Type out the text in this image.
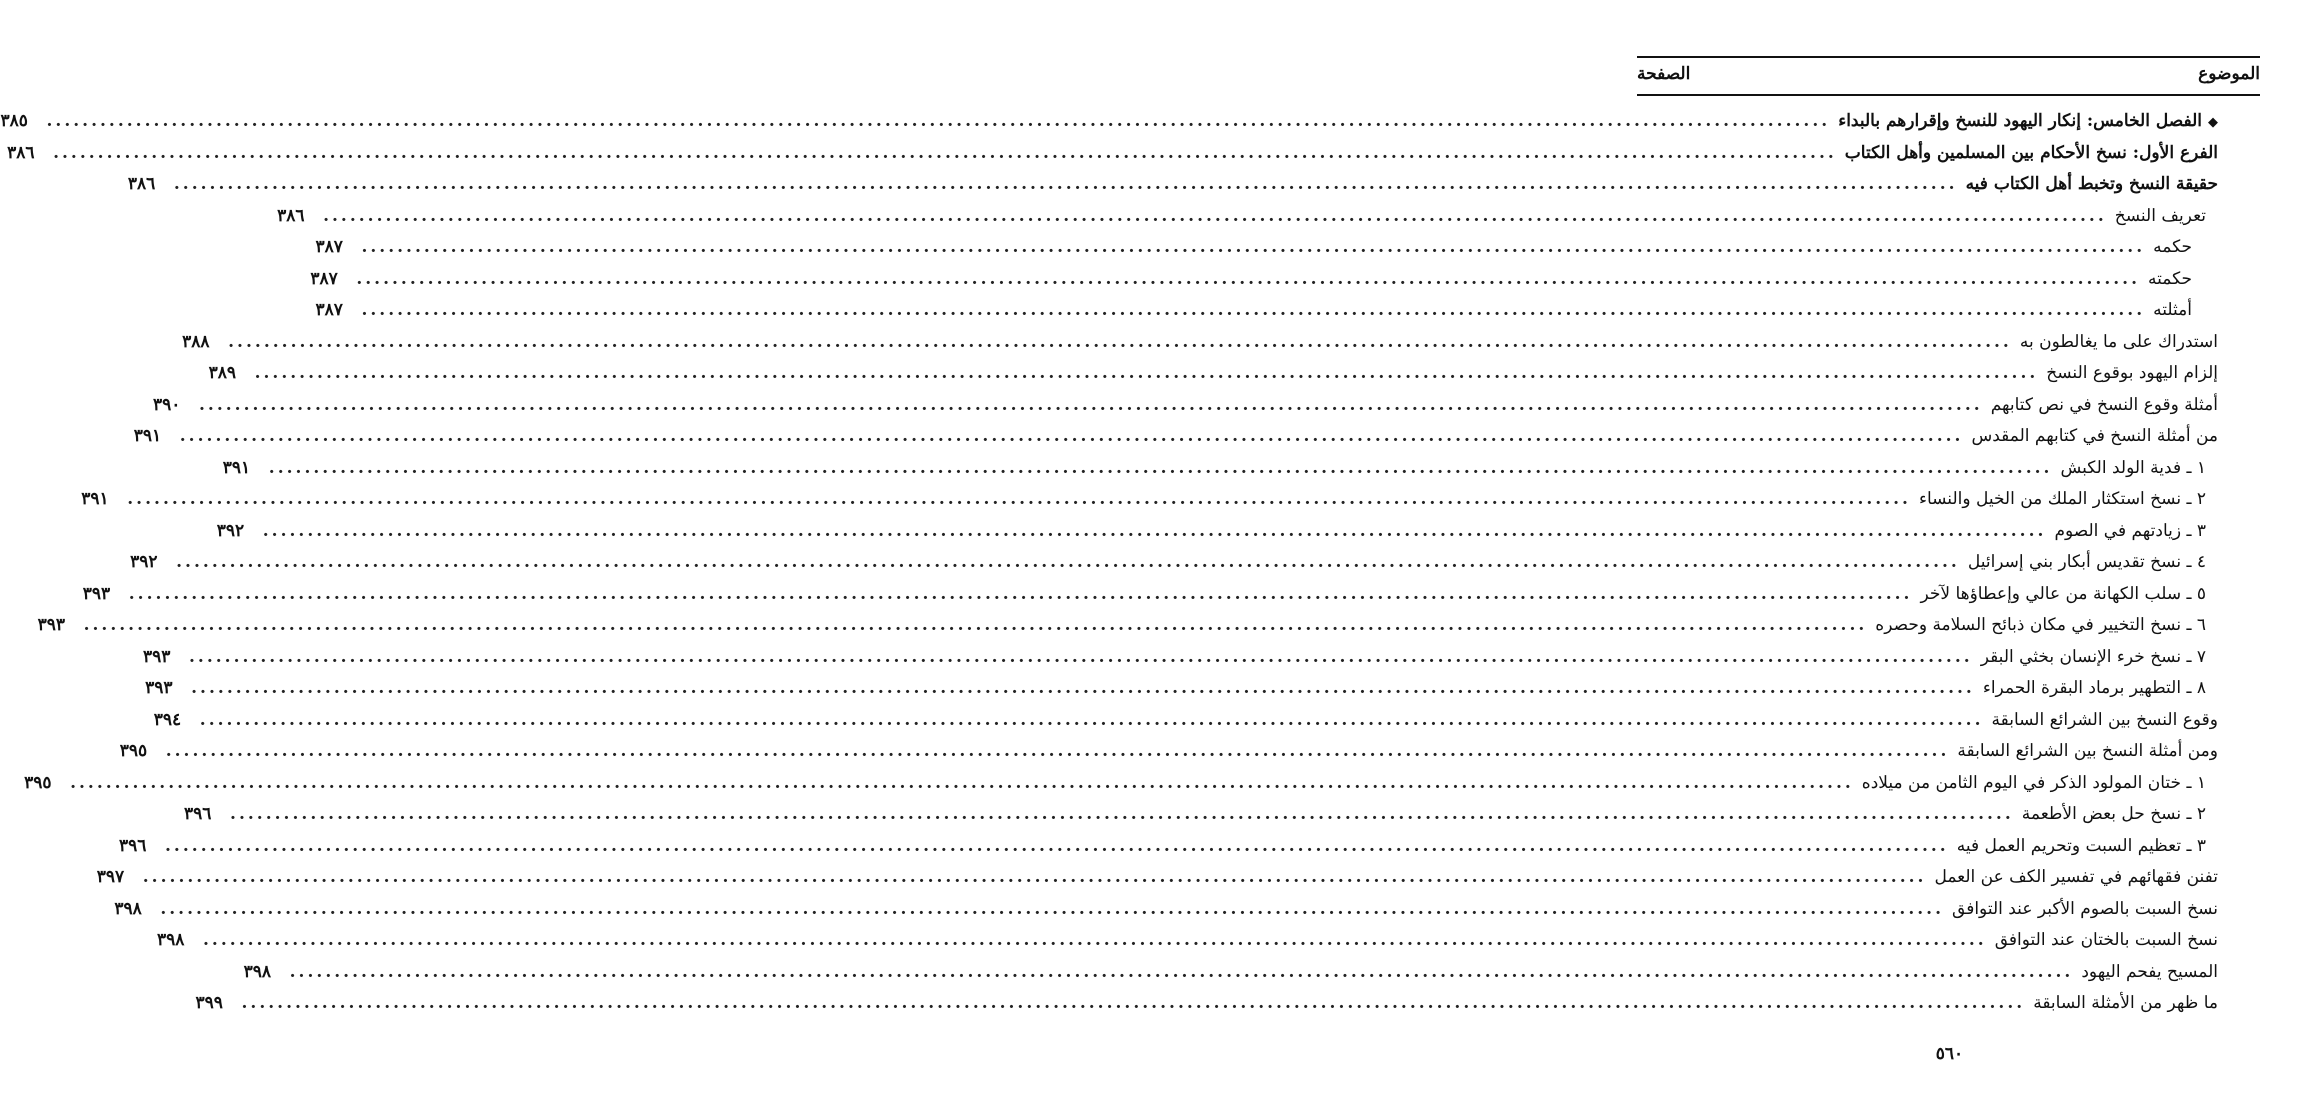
الموضوع
الصفحة
◆
الفصل الخامس: إنكار اليهود للنسخ وإقرارهم بالبداء
........................................................................................................................................................................................................
٣٨٥
الفرع الأول: نسخ الأحكام بين المسلمين وأهل الكتاب
........................................................................................................................................................................................................
٣٨٦
حقيقة النسخ وتخبط أهل الكتاب فيه
........................................................................................................................................................................................................
٣٨٦
تعريف النسخ
........................................................................................................................................................................................................
٣٨٦
حكمه
........................................................................................................................................................................................................
٣٨٧
حكمته
........................................................................................................................................................................................................
٣٨٧
أمثلته
........................................................................................................................................................................................................
٣٨٧
استدراك على ما يغالطون به
........................................................................................................................................................................................................
٣٨٨
إلزام اليهود بوقوع النسخ
........................................................................................................................................................................................................
٣٨٩
أمثلة وقوع النسخ في نص كتابهم
........................................................................................................................................................................................................
٣٩٠
من أمثلة النسخ في كتابهم المقدس
........................................................................................................................................................................................................
٣٩١
١ ـ فدية الولد الكبش
........................................................................................................................................................................................................
٣٩١
٢ ـ نسخ استكثار الملك من الخيل والنساء
........................................................................................................................................................................................................
٣٩١
٣ ـ زيادتهم في الصوم
........................................................................................................................................................................................................
٣٩٢
٤ ـ نسخ تقديس أبكار بني إسرائيل
........................................................................................................................................................................................................
٣٩٢
٥ ـ سلب الكهانة من عالي وإعطاؤها لآخر
........................................................................................................................................................................................................
٣٩٣
٦ ـ نسخ التخيير في مكان ذبائح السلامة وحصره
........................................................................................................................................................................................................
٣٩٣
٧ ـ نسخ خرء الإنسان بخثي البقر
........................................................................................................................................................................................................
٣٩٣
٨ ـ التطهير برماد البقرة الحمراء
........................................................................................................................................................................................................
٣٩٣
وقوع النسخ بين الشرائع السابقة
........................................................................................................................................................................................................
٣٩٤
ومن أمثلة النسخ بين الشرائع السابقة
........................................................................................................................................................................................................
٣٩٥
١ ـ ختان المولود الذكر في اليوم الثامن من ميلاده
........................................................................................................................................................................................................
٣٩٥
٢ ـ نسخ حل بعض الأطعمة
........................................................................................................................................................................................................
٣٩٦
٣ ـ تعظيم السبت وتحريم العمل فيه
........................................................................................................................................................................................................
٣٩٦
تفنن فقهائهم في تفسير الكف عن العمل
........................................................................................................................................................................................................
٣٩٧
نسخ السبت بالصوم الأكبر عند التوافق
........................................................................................................................................................................................................
٣٩٨
نسخ السبت بالختان عند التوافق
........................................................................................................................................................................................................
٣٩٨
المسيح يفحم اليهود
........................................................................................................................................................................................................
٣٩٨
ما ظهر من الأمثلة السابقة
........................................................................................................................................................................................................
٣٩٩
٥٦٠
